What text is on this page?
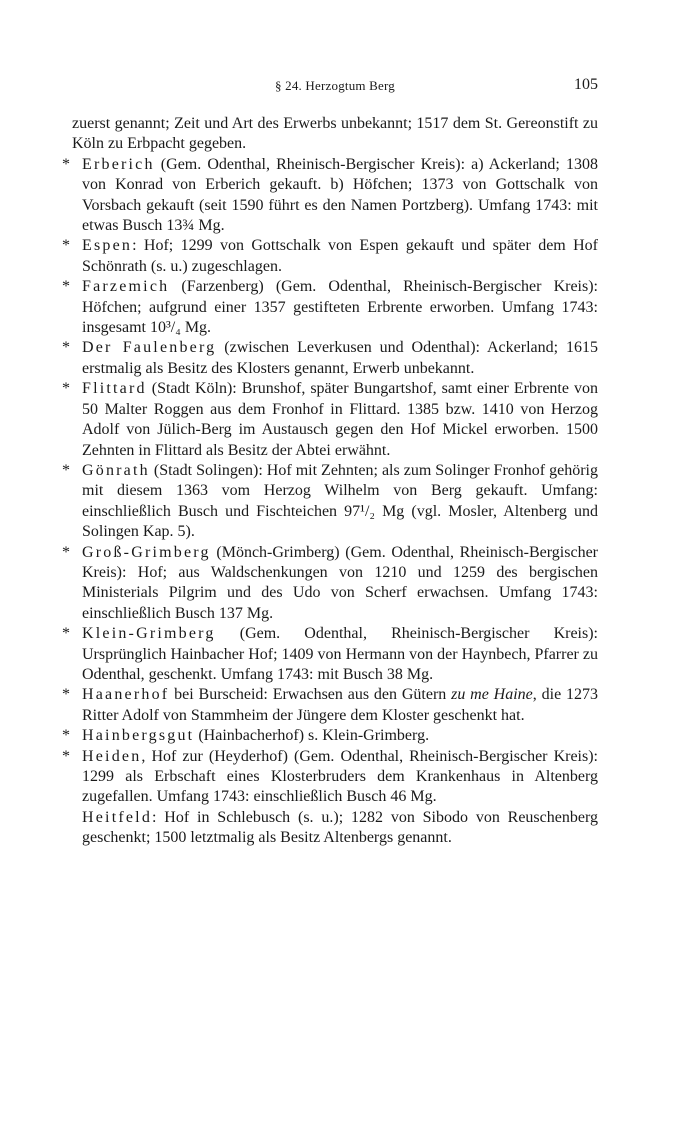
§ 24. Herzogtum Berg	105

zuerst genannt; Zeit und Art des Erwerbs unbekannt; 1517 dem St. Gereonstift zu Köln zu Erbpacht gegeben.

* Erberich (Gem. Odenthal, Rheinisch-Bergischer Kreis): a) Ackerland; 1308 von Konrad von Erberich gekauft. b) Höfchen; 1373 von Gottschalk von Vorsbach gekauft (seit 1590 führt es den Namen Portzberg). Umfang 1743: mit etwas Busch 13¾ Mg.

* Espen: Hof; 1299 von Gottschalk von Espen gekauft und später dem Hof Schönrath (s. u.) zugeschlagen.

* Farzemich (Farzenberg) (Gem. Odenthal, Rheinisch-Bergischer Kreis): Höfchen; aufgrund einer 1357 gestifteten Erbrente erworben. Umfang 1743: insgesamt 10³/₄ Mg.

* Der Faulenberg (zwischen Leverkusen und Odenthal): Ackerland; 1615 erstmalig als Besitz des Klosters genannt, Erwerb unbekannt.

* Flittard (Stadt Köln): Brunshof, später Bungartshof, samt einer Erbrente von 50 Malter Roggen aus dem Fronhof in Flittard. 1385 bzw. 1410 von Herzog Adolf von Jülich-Berg im Austausch gegen den Hof Mickel erworben. 1500 Zehnten in Flittard als Besitz der Abtei erwähnt.

* Gönrath (Stadt Solingen): Hof mit Zehnten; als zum Solinger Fronhof gehörig mit diesem 1363 vom Herzog Wilhelm von Berg gekauft. Umfang: einschließlich Busch und Fischteichen 97¹/₂ Mg (vgl. Mosler, Altenberg und Solingen Kap. 5).

* Groß-Grimberg (Mönch-Grimberg) (Gem. Odenthal, Rheinisch-Bergischer Kreis): Hof; aus Waldschenkungen von 1210 und 1259 des bergischen Ministerials Pilgrim und des Udo von Scherf erwachsen. Umfang 1743: einschließlich Busch 137 Mg.

* Klein-Grimberg (Gem. Odenthal, Rheinisch-Bergischer Kreis): Ursprünglich Hainbacher Hof; 1409 von Hermann von der Haynbech, Pfarrer zu Odenthal, geschenkt. Umfang 1743: mit Busch 38 Mg.

* Haanerhof bei Burscheid: Erwachsen aus den Gütern zu me Haine, die 1273 Ritter Adolf von Stammheim der Jüngere dem Kloster geschenkt hat.

* Hainbergsgut (Hainbacherhof) s. Klein-Grimberg.

* Heiden, Hof zur (Heyderhof) (Gem. Odenthal, Rheinisch-Bergischer Kreis): 1299 als Erbschaft eines Klosterbruders dem Krankenhaus in Altenberg zugefallen. Umfang 1743: einschließlich Busch 46 Mg.

Heitfeld: Hof in Schlebusch (s. u.); 1282 von Sibodo von Reuschenberg geschenkt; 1500 letztmalig als Besitz Altenbergs genannt.
